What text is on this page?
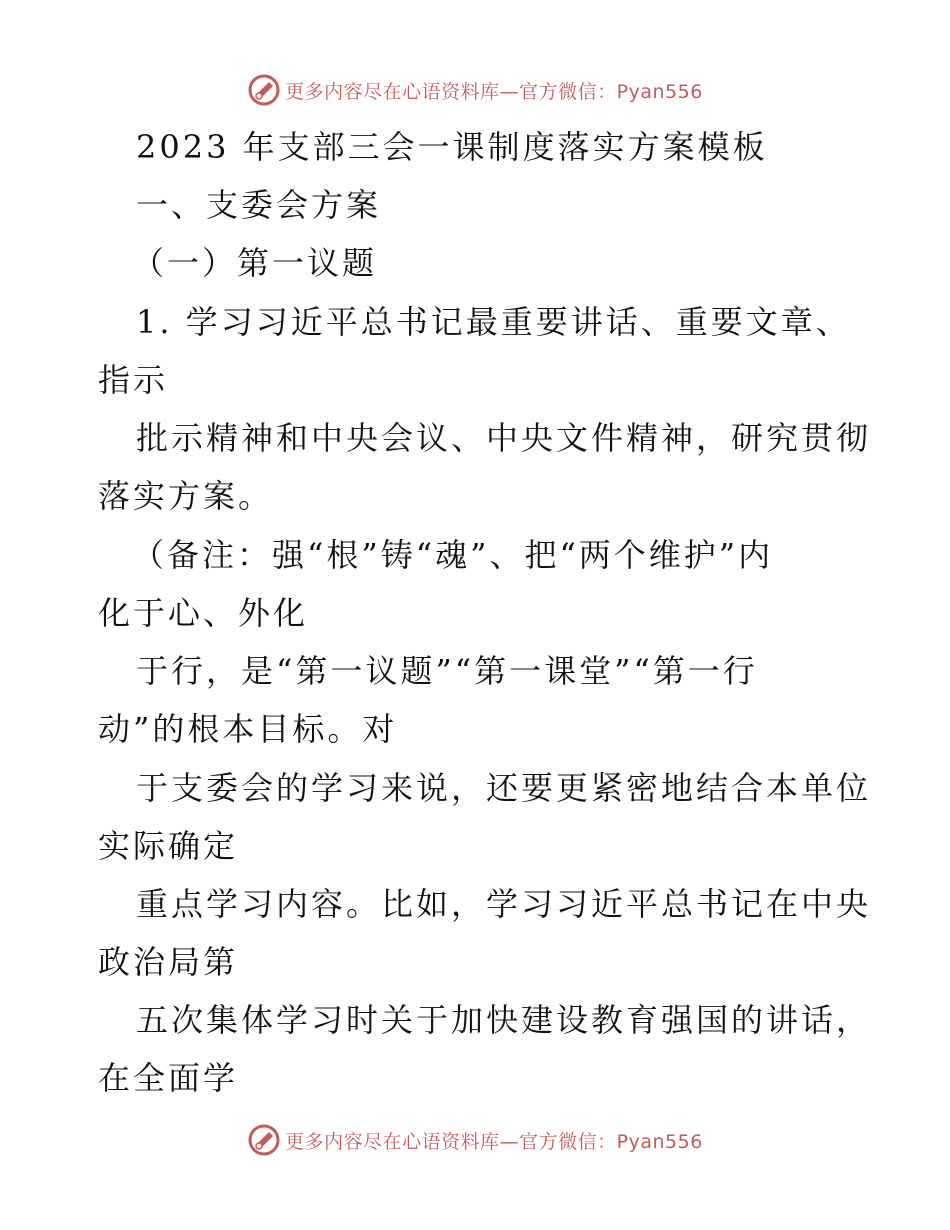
更多内容尽在心语资料库—官方微信：Pyan556
2023 年支部三会一课制度落实方案模板
一、支委会方案
（一）第一议题
1. 学习习近平总书记最重要讲话、重要文章、
指示
批示精神和中央会议、中央文件精神，研究贯彻
落实方案。
（备注：强“根”铸“魂”、把“两个维护”内
化于心、外化
于行，是“第一议题”“第一课堂”“第一行
动”的根本目标。对
于支委会的学习来说，还要更紧密地结合本单位
实际确定
重点学习内容。比如，学习习近平总书记在中央
政治局第
五次集体学习时关于加快建设教育强国的讲话，
在全面学
更多内容尽在心语资料库—官方微信：Pyan556
